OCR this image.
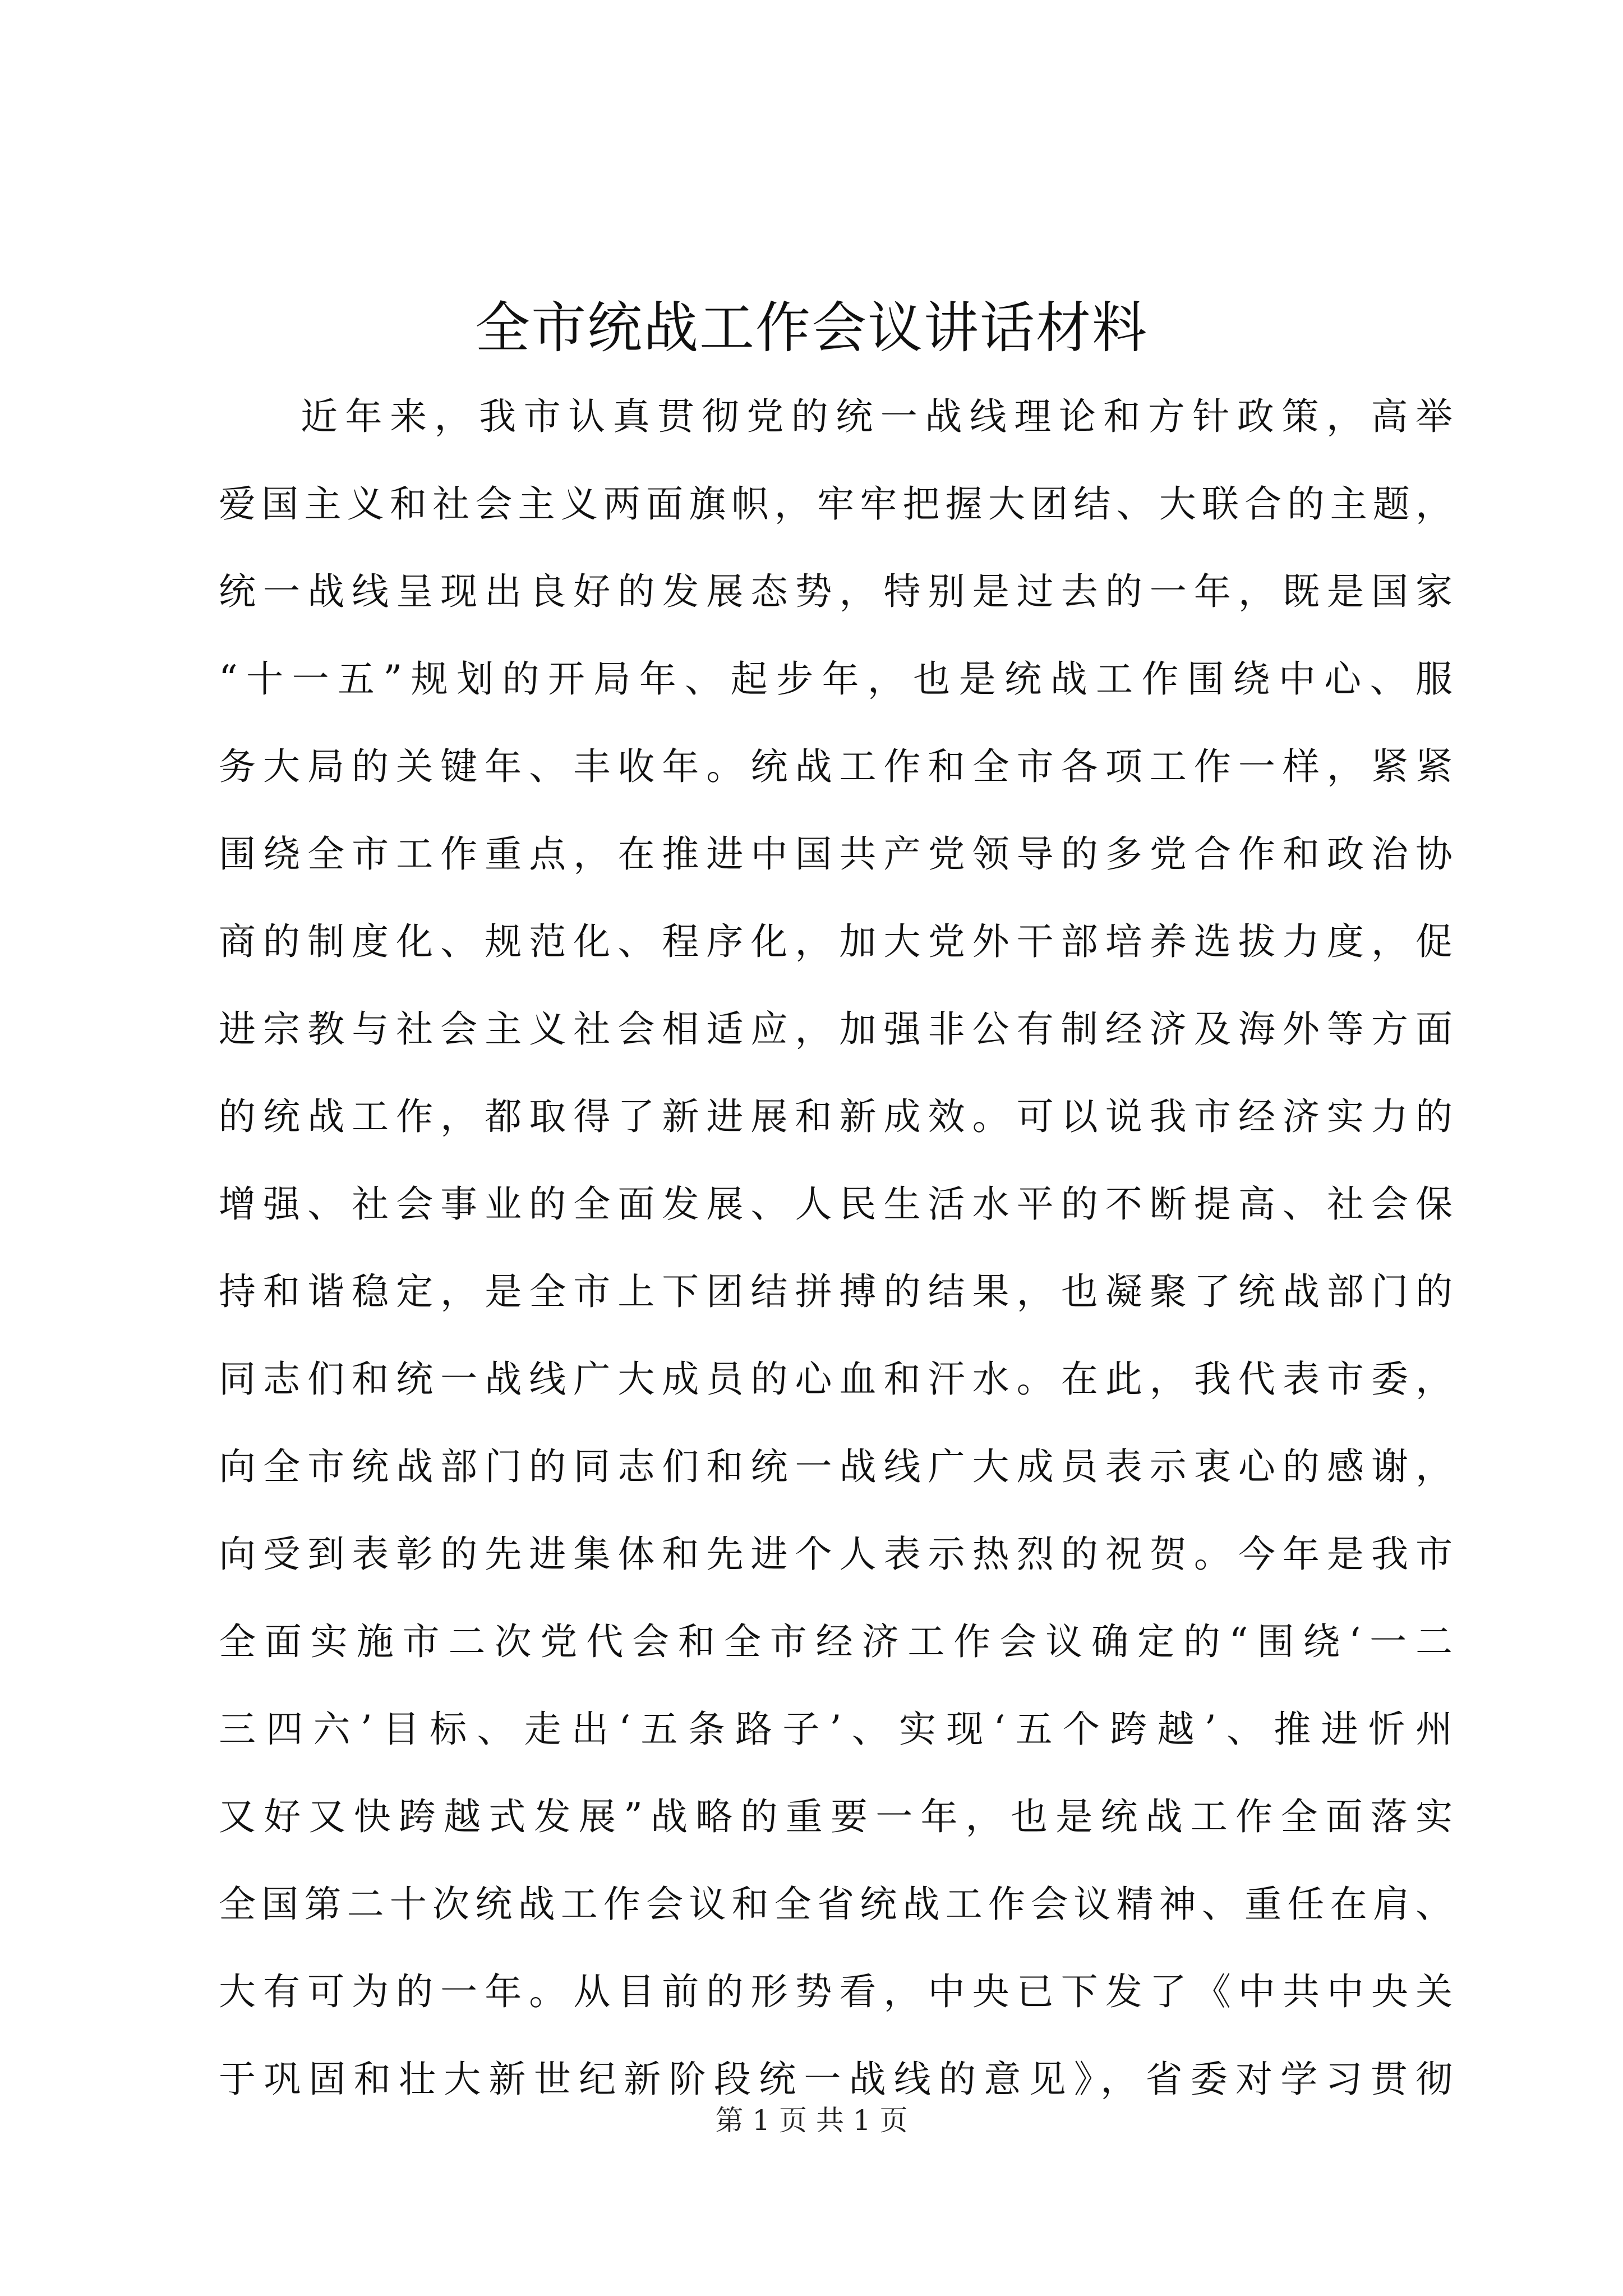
全市统战工作会议讲话材料
近年来，我市认真贯彻党的统一战线理论和方针政策，高举
爱国主义和社会主义两面旗帜，牢牢把握大团结、大联合的主题，
统一战线呈现出良好的发展态势，特别是过去的一年，既是国家
“十一五”规划的开局年、起步年，也是统战工作围绕中心、服
务大局的关键年、丰收年。统战工作和全市各项工作一样，紧紧
围绕全市工作重点，在推进中国共产党领导的多党合作和政治协
商的制度化、规范化、程序化，加大党外干部培养选拔力度，促
进宗教与社会主义社会相适应，加强非公有制经济及海外等方面
的统战工作，都取得了新进展和新成效。可以说我市经济实力的
增强、社会事业的全面发展、人民生活水平的不断提高、社会保
持和谐稳定，是全市上下团结拼搏的结果，也凝聚了统战部门的
同志们和统一战线广大成员的心血和汗水。在此，我代表市委，
向全市统战部门的同志们和统一战线广大成员表示衷心的感谢，
向受到表彰的先进集体和先进个人表示热烈的祝贺。今年是我市
全面实施市二次党代会和全市经济工作会议确定的“围绕‘一二
三四六’目标、走出‘五条路子’、实现‘五个跨越’、推进忻州
又好又快跨越式发展”战略的重要一年，也是统战工作全面落实
全国第二十次统战工作会议和全省统战工作会议精神、重任在肩、
大有可为的一年。从目前的形势看，中央已下发了《中共中央关
于巩固和壮大新世纪新阶段统一战线的意见》，省委对学习贯彻
第 1 页 共 1 页
